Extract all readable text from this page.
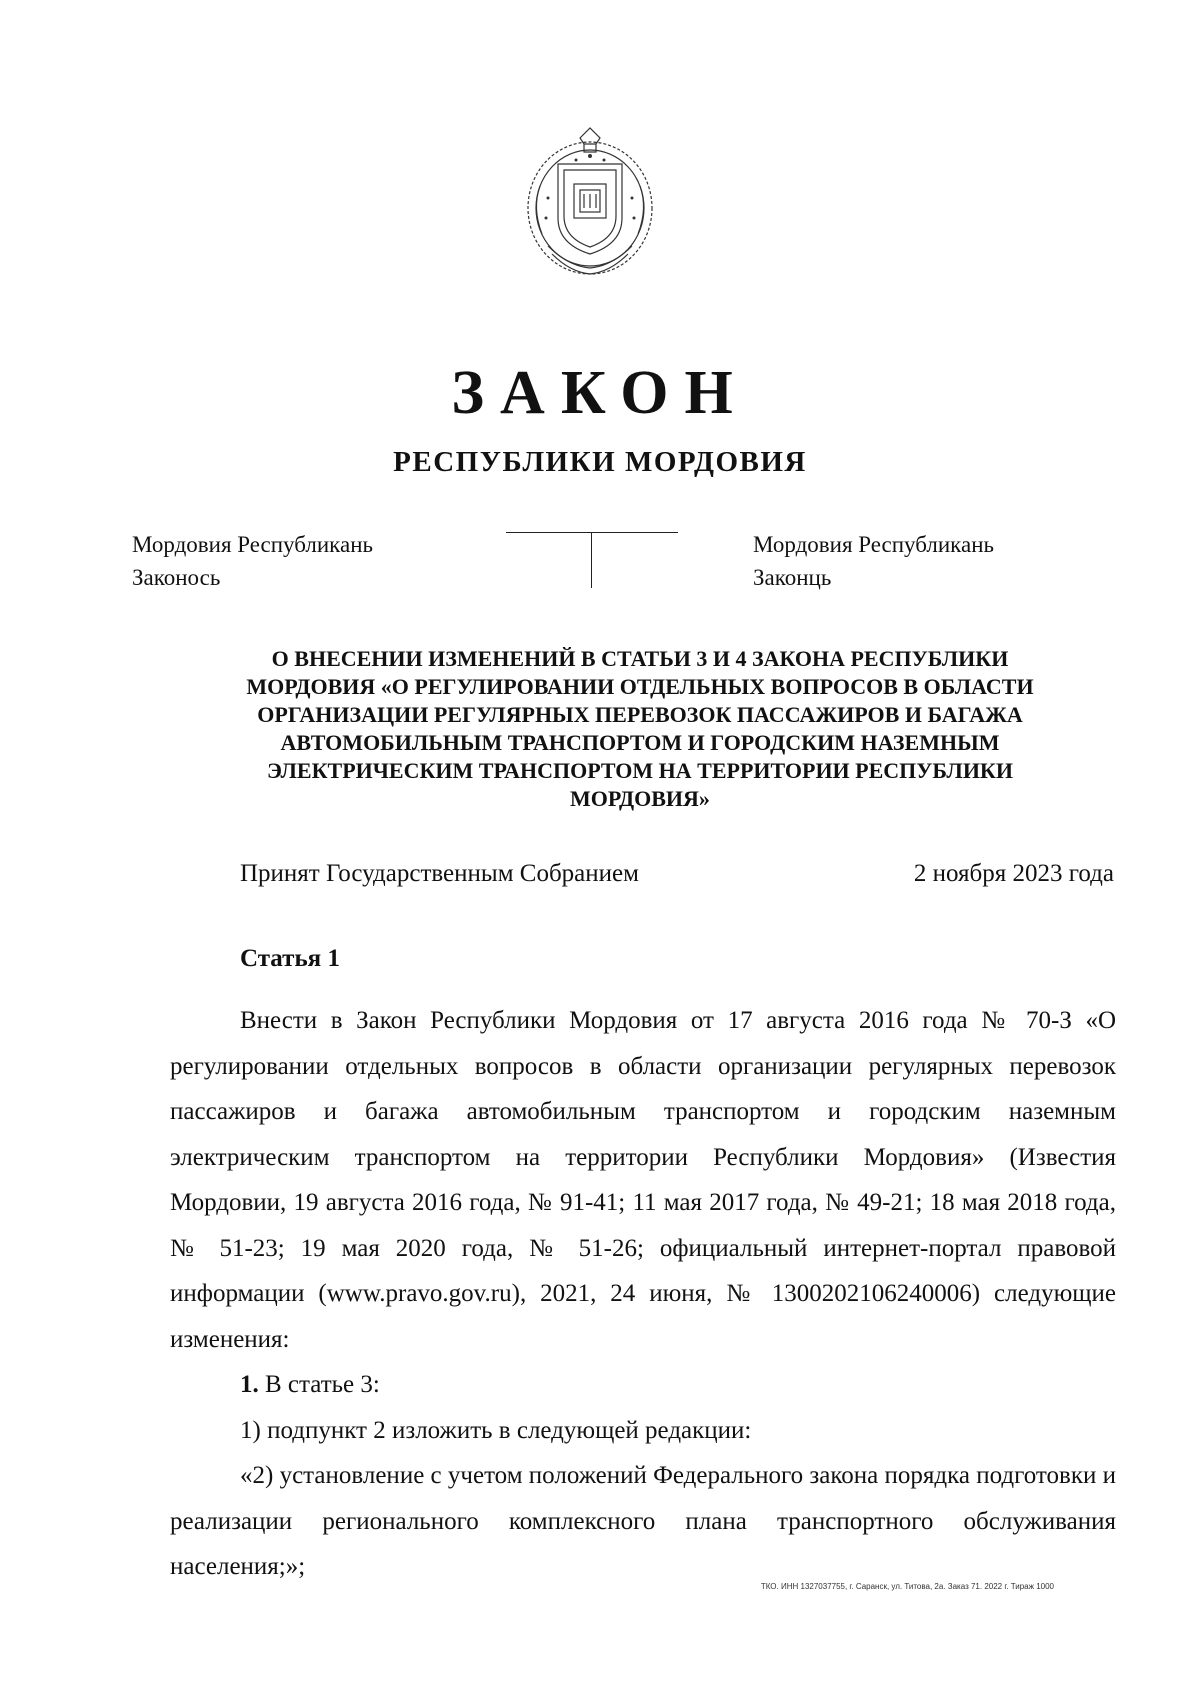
ЗАКОН
РЕСПУБЛИКИ МОРДОВИЯ
Мордовия Республикань
Законось
Мордовия Республикань
Законць
О ВНЕСЕНИИ ИЗМЕНЕНИЙ В СТАТЬИ 3 И 4 ЗАКОНА РЕСПУБЛИКИ
МОРДОВИЯ «О РЕГУЛИРОВАНИИ ОТДЕЛЬНЫХ ВОПРОСОВ В ОБЛАСТИ
ОРГАНИЗАЦИИ РЕГУЛЯРНЫХ ПЕРЕВОЗОК ПАССАЖИРОВ И БАГАЖА
АВТОМОБИЛЬНЫМ ТРАНСПОРТОМ И ГОРОДСКИМ НАЗЕМНЫМ
ЭЛЕКТРИЧЕСКИМ ТРАНСПОРТОМ НА ТЕРРИТОРИИ РЕСПУБЛИКИ
МОРДОВИЯ»
Принят Государственным Собранием	2 ноября 2023 года
Статья 1

Внести в Закон Республики Мордовия от 17 августа 2016 года № 70-З «О регулировании отдельных вопросов в области организации регулярных перевозок пассажиров и багажа автомобильным транспортом и городским наземным электрическим транспортом на территории Республики Мордовия» (Известия Мордовии, 19 августа 2016 года, № 91-41; 11 мая 2017 года, № 49-21; 18 мая 2018 года, № 51-23; 19 мая 2020 года, № 51-26; официальный интернет-портал правовой информации (www.pravo.gov.ru), 2021, 24 июня, № 1300202106240006) следующие изменения:

1. В статье 3:

1) подпункт 2 изложить в следующей редакции:

«2) установление с учетом положений Федерального закона порядка подготовки и реализации регионального комплексного плана транспортного обслуживания населения;»;

ТКО. ИНН 1327037755, г. Саранск, ул. Титова, 2а. Заказ 71. 2022 г. Тираж 1000
